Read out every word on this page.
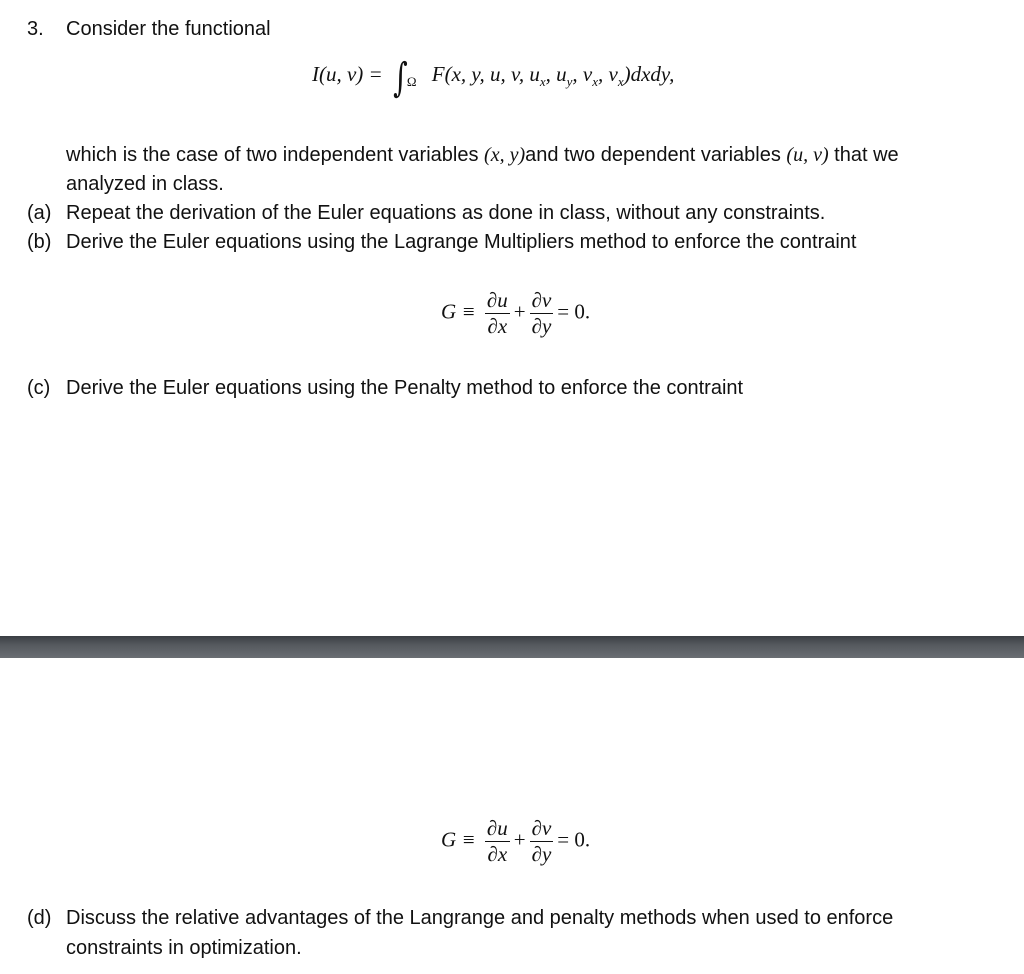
3. Consider the functional
I(u, $v) = \int_\Omega$ F(x, y, u, v, $u_x$, $u_y$, $v_x$, $v_x)dxdy$,
which is the case of two independent variables (x, y)and two dependent variables (u, v) that we
analyzed in class.
(a) Repeat the derivation of the Euler equations as done in class, without any constraints.
(b) Derive the Euler equations using the Lagrange Multipliers method to enforce the contraint
$G \equiv \frac{\partial u}{\partial x} + \frac{\partial v}{\partial y} = 0$.
(c) Derive the Euler equations using the Penalty method to enforce the contraint
$G \equiv \frac{\partial u}{\partial x} + \frac{\partial v}{\partial y} = 0$.
(d) Discuss the relative advantages of the Langrange and penalty methods when used to enforce
constraints in optimization.
